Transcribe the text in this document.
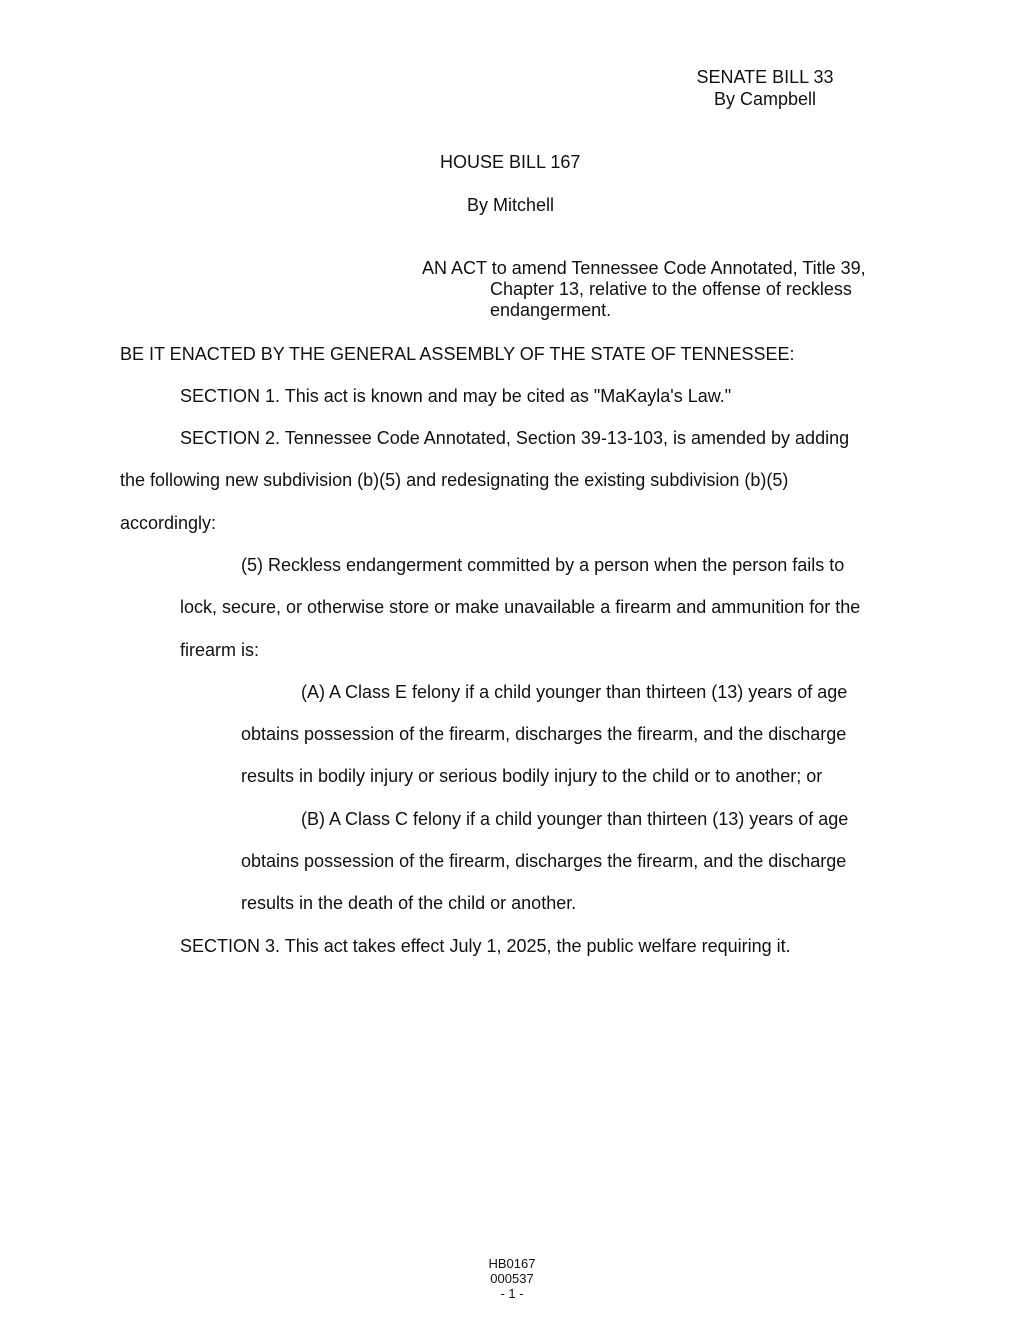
SENATE BILL 33
By Campbell
HOUSE BILL 167
By Mitchell
AN ACT to amend Tennessee Code Annotated, Title 39,
Chapter 13, relative to the offense of reckless
endangerment.
BE IT ENACTED BY THE GENERAL ASSEMBLY OF THE STATE OF TENNESSEE:
SECTION 1. This act is known and may be cited as "MaKayla's Law."
SECTION 2. Tennessee Code Annotated, Section 39-13-103, is amended by adding
the following new subdivision (b)(5) and redesignating the existing subdivision (b)(5)
accordingly:
(5) Reckless endangerment committed by a person when the person fails to
lock, secure, or otherwise store or make unavailable a firearm and ammunition for the
firearm is:
(A) A Class E felony if a child younger than thirteen (13) years of age
obtains possession of the firearm, discharges the firearm, and the discharge
results in bodily injury or serious bodily injury to the child or to another; or
(B) A Class C felony if a child younger than thirteen (13) years of age
obtains possession of the firearm, discharges the firearm, and the discharge
results in the death of the child or another.
SECTION 3. This act takes effect July 1, 2025, the public welfare requiring it.
HB0167
000537
- 1 -
